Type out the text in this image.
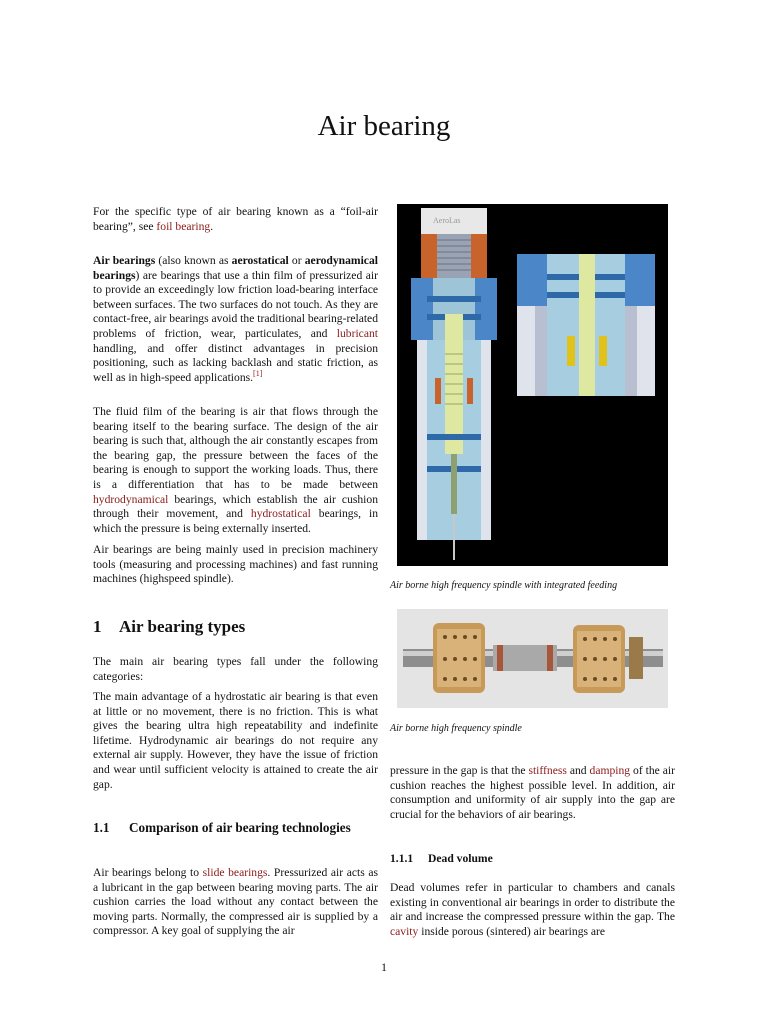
Air bearing

For the specific type of air bearing known as a “foil-air bearing”, see foil bearing.

Air bearings (also known as aerostatical or aerodynamical bearings) are bearings that use a thin film of pressurized air to provide an exceedingly low friction load-bearing interface between surfaces. The two surfaces do not touch. As they are contact-free, air bearings avoid the traditional bearing-related problems of friction, wear, particulates, and lubricant handling, and offer distinct advantages in precision positioning, such as lacking backlash and static friction, as well as in high-speed applications.[1]

The fluid film of the bearing is air that flows through the bearing itself to the bearing surface. The design of the air bearing is such that, although the air constantly escapes from the bearing gap, the pressure between the faces of the bearing is enough to support the working loads. Thus, there is a differentiation that has to be made between hydrodynamical bearings, which establish the air cushion through their movement, and hydrostatical bearings, in which the pressure is being externally inserted.

Air bearings are being mainly used in precision machinery tools (measuring and processing machines) and fast running machines (highspeed spindle).

1 Air bearing types

The main air bearing types fall under the following categories:

The main advantage of a hydrostatic air bearing is that even at little or no movement, there is no friction. This is what gives the bearing ultra high repeatability and indefinite lifetime. Hydrodynamic air bearings do not require any external air supply. However, they have the issue of friction and wear until sufficient velocity is attained to create the air gap.

1.1	Comparison of air bearing technologies

Air bearings belong to slide bearings. Pressurized air acts as a lubricant in the gap between bearing moving parts. The air cushion carries the load without any contact between the moving parts. Normally, the compressed air is supplied by a compressor. A key goal of supplying the air

AeroLas
Air borne high frequency spindle with integrated feeding
Air borne high frequency spindle

pressure in the gap is that the stiffness and damping of the air cushion reaches the highest possible level. In addition, air consumption and uniformity of air supply into the gap are crucial for the behaviors of air bearings.

1.1.1 Dead volume

Dead volumes refer in particular to chambers and canals existing in conventional air bearings in order to distribute the air and increase the compressed pressure within the gap. The cavity inside porous (sintered) air bearings are

1
